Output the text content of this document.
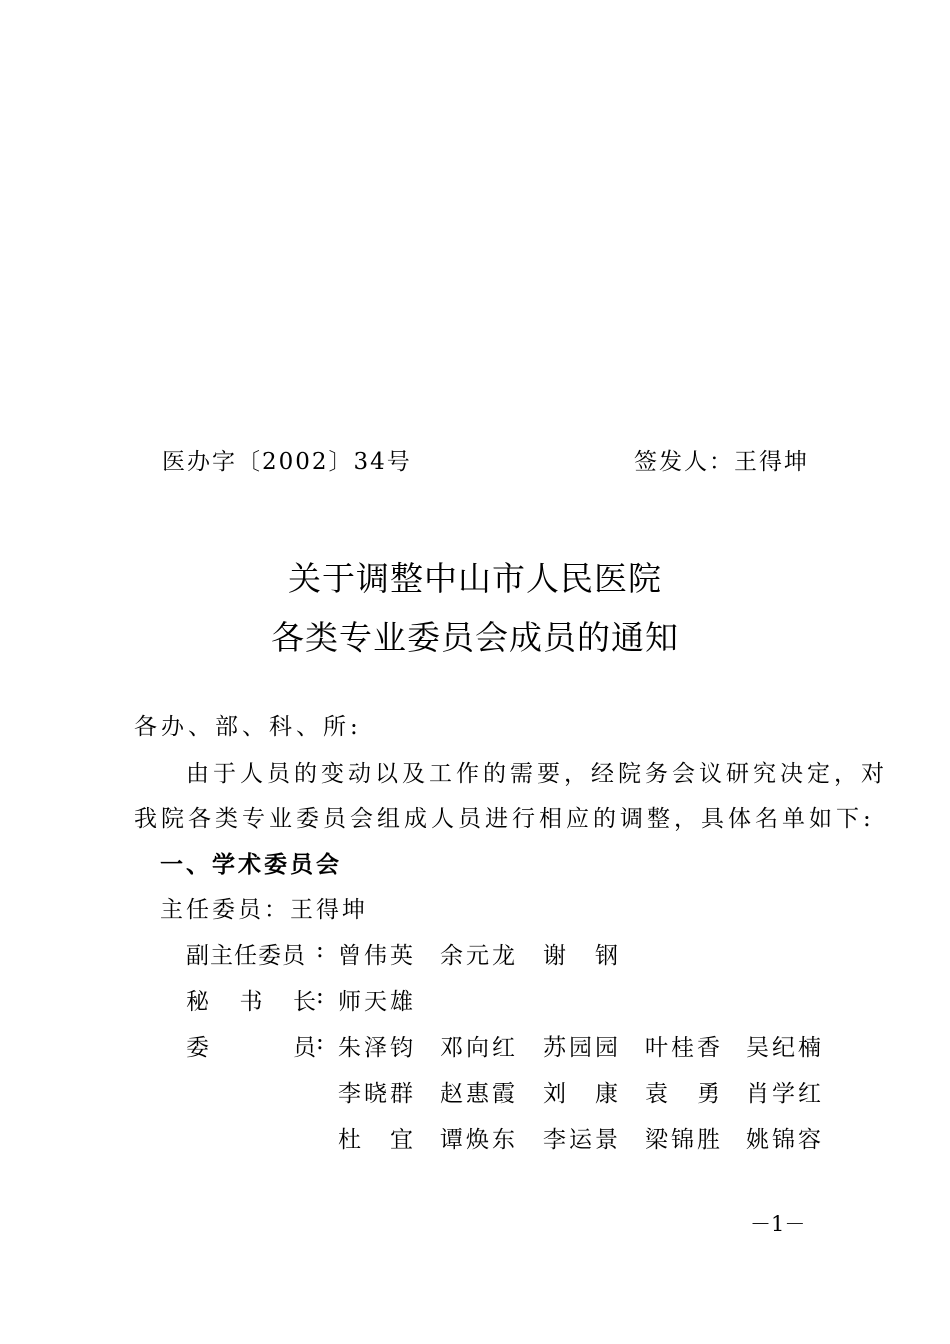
医办字〔2002〕34号	签发人：王得坤
关于调整中山市人民医院
各类专业委员会成员的通知
各办、部、科、所:
由于人员的变动以及工作的需要，经院务会议研究决定，对
我院各类专业委员会组成人员进行相应的调整，具体名单如下:
一、学术委员会
主任委员：王得坤
副主任委员 : 曾伟英 余元龙 谢　钢
秘 书 长 : 师天雄
委	员 : 朱泽钧 邓向红 苏园园 叶桂香 吴纪楠
李晓群 赵惠霞 刘　康 袁　勇 肖学红
杜　宜 谭焕东 李运景 梁锦胜 姚锦容
－1－
